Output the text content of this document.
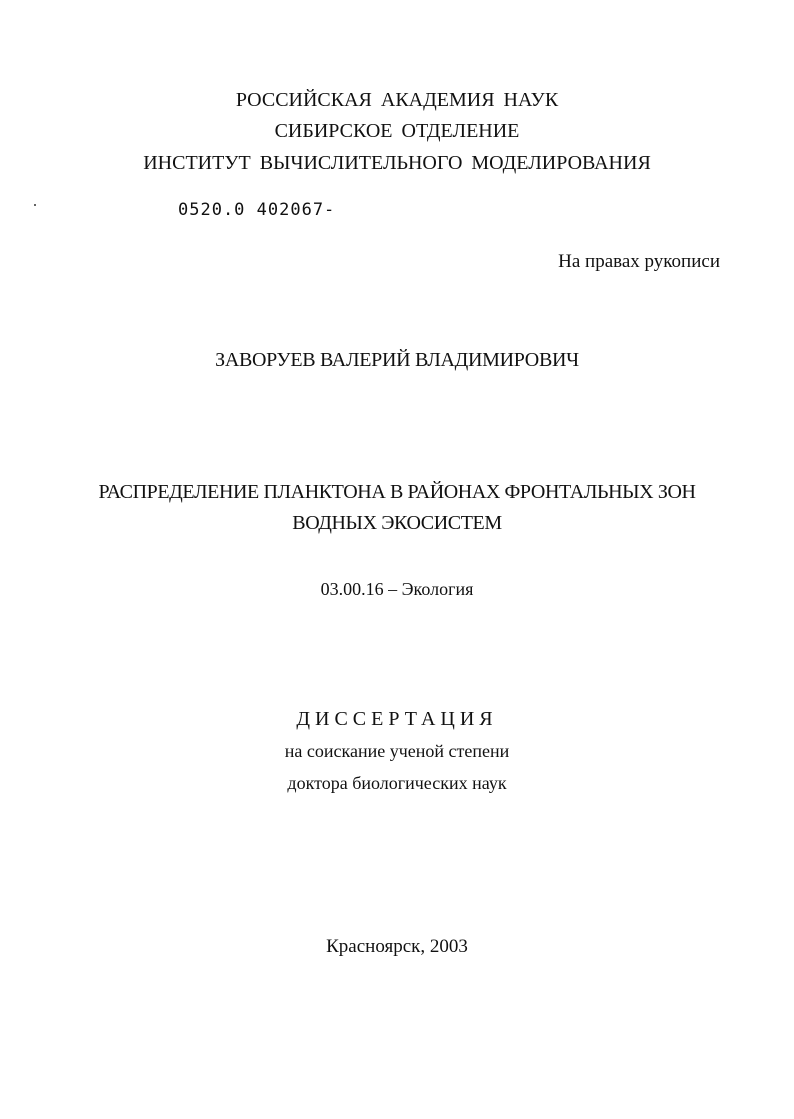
РОССИЙСКАЯ АКАДЕМИЯ НАУК
СИБИРСКОЕ ОТДЕЛЕНИЕ
ИНСТИТУТ ВЫЧИСЛИТЕЛЬНОГО МОДЕЛИРОВАНИЯ
0520.0 402067-
На правах рукописи
ЗАВОРУЕВ ВАЛЕРИЙ ВЛАДИМИРОВИЧ
РАСПРЕДЕЛЕНИЕ ПЛАНКТОНА В РАЙОНАХ ФРОНТАЛЬНЫХ ЗОН
ВОДНЫХ ЭКОСИСТЕМ
03.00.16 – Экология
ДИССЕРТАЦИЯ
на соискание ученой степени
доктора биологических наук
Красноярск, 2003
